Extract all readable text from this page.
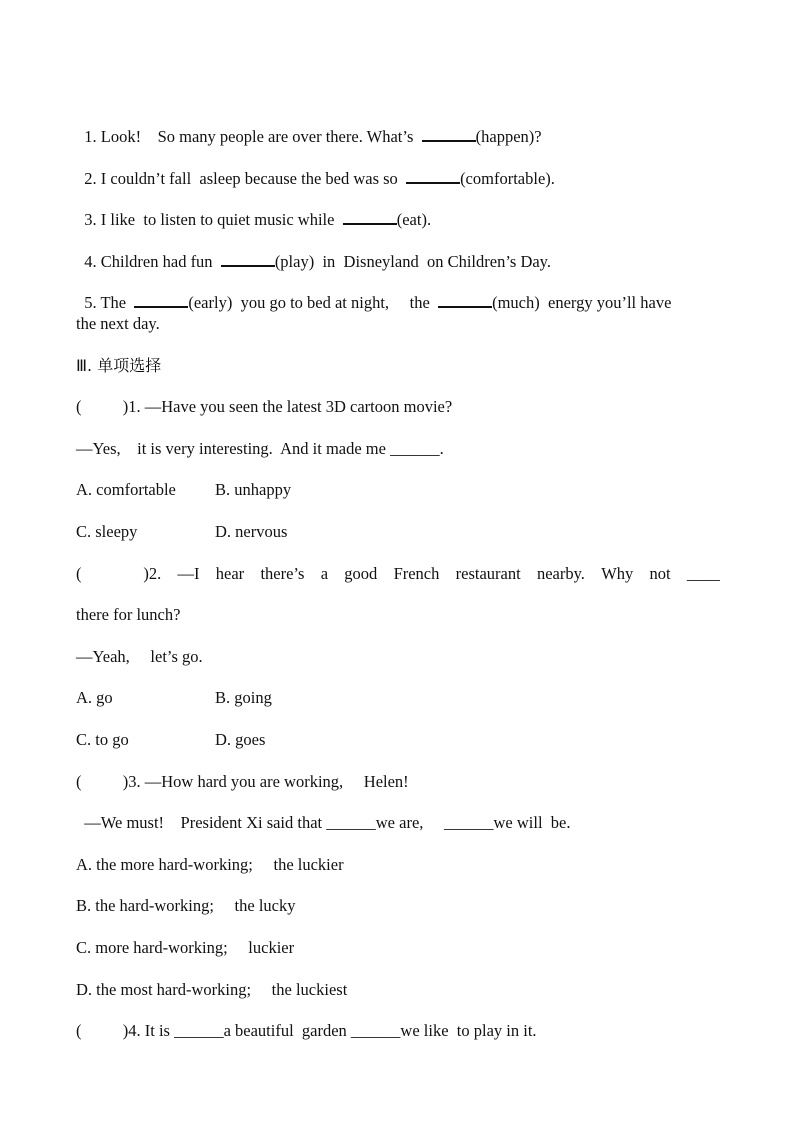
1. Look!    So many people are over there. What’s	(happen)?

2. I couldn’t fall  asleep because the bed was so	(comfortable).

3. I like  to listen to quiet music while	(eat).

4. Children had fun	(play)  in  Disneyland  on Children’s Day.

5. The	(early)  you go to bed at night,     the	(much)  energy you’ll have

the next day.
Ⅲ. 单项选择
(          )1. —Have you seen the latest 3D cartoon movie?
—Yes,    it is very interesting.  And it made me ______.
A. comfortable B. unhappy
C. sleepy	D. nervous
(               )2. —I hear there’s a good French restaurant nearby. Why not ____
there for lunch?
—Yeah,     let’s go.
A. go	B. going
C. to go	D. goes
(          )3. —How hard you are working,     Helen!
—We must!    President Xi said that ______we are,     ______we will  be.
A. the more hard-working;     the luckier
B. the hard-working;     the lucky
C. more hard-working;     luckier
D. the most hard-working;     the luckiest
(          )4. It is ______a beautiful  garden ______we like  to play in it.
